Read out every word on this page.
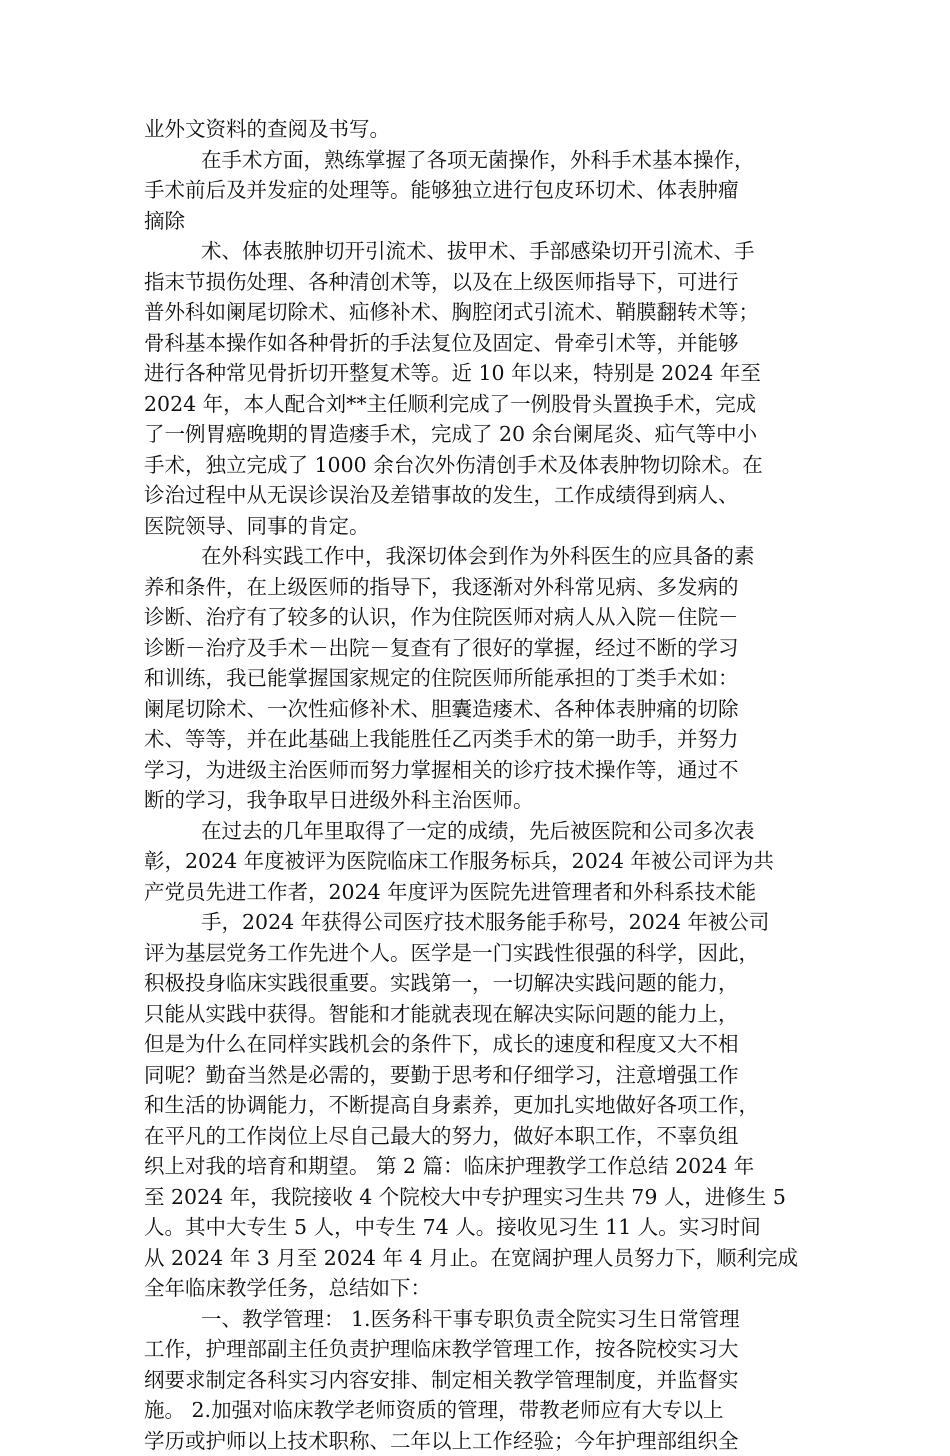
业外文资料的查阅及书写。
在手术方面，熟练掌握了各项无菌操作，外科手术基本操作，
手术前后及并发症的处理等。能够独立进行包皮环切术、体表肿瘤
摘除
术、体表脓肿切开引流术、拔甲术、手部感染切开引流术、手
指末节损伤处理、各种清创术等，以及在上级医师指导下，可进行
普外科如阑尾切除术、疝修补术、胸腔闭式引流术、鞘膜翻转术等；
骨科基本操作如各种骨折的手法复位及固定、骨牵引术等，并能够
进行各种常见骨折切开整复术等。近 10 年以来，特别是 2024 年至
2024 年，本人配合刘**主任顺利完成了一例股骨头置换手术，完成
了一例胃癌晚期的胃造瘘手术，完成了 20 余台阑尾炎、疝气等中小
手术，独立完成了 1000 余台次外伤清创手术及体表肿物切除术。在
诊治过程中从无误诊误治及差错事故的发生，工作成绩得到病人、
医院领导、同事的肯定。
在外科实践工作中，我深切体会到作为外科医生的应具备的素
养和条件，在上级医师的指导下，我逐渐对外科常见病、多发病的
诊断、治疗有了较多的认识，作为住院医师对病人从入院－住院－
诊断－治疗及手术－出院－复查有了很好的掌握，经过不断的学习
和训练，我已能掌握国家规定的住院医师所能承担的丁类手术如：
阑尾切除术、一次性疝修补术、胆囊造瘘术、各种体表肿痛的切除
术、等等，并在此基础上我能胜任乙丙类手术的第一助手，并努力
学习，为进级主治医师而努力掌握相关的诊疗技术操作等，通过不
断的学习，我争取早日进级外科主治医师。
在过去的几年里取得了一定的成绩，先后被医院和公司多次表
彰，2024 年度被评为医院临床工作服务标兵，2024 年被公司评为共
产党员先进工作者，2024 年度评为医院先进管理者和外科系技术能
手，2024 年获得公司医疗技术服务能手称号，2024 年被公司
评为基层党务工作先进个人。医学是一门实践性很强的科学，因此，
积极投身临床实践很重要。实践第一，一切解决实践问题的能力，
只能从实践中获得。智能和才能就表现在解决实际问题的能力上，
但是为什么在同样实践机会的条件下，成长的速度和程度又大不相
同呢？勤奋当然是必需的，要勤于思考和仔细学习，注意增强工作
和生活的协调能力，不断提高自身素养，更加扎实地做好各项工作，
在平凡的工作岗位上尽自己最大的努力，做好本职工作，不辜负组
织上对我的培育和期望。 第 2 篇：临床护理教学工作总结 2024 年
至 2024 年，我院接收 4 个院校大中专护理实习生共 79 人，进修生 5
人。其中大专生 5 人，中专生 74 人。接收见习生 11 人。实习时间
从 2024 年 3 月至 2024 年 4 月止。在宽阔护理人员努力下，顺利完成
全年临床教学任务，总结如下：
一、教学管理： 1.医务科干事专职负责全院实习生日常管理
工作，护理部副主任负责护理临床教学管理工作，按各院校实习大
纲要求制定各科实习内容安排、制定相关教学管理制度，并监督实
施。 2.加强对临床教学老师资质的管理，带教老师应有大专以上
学历或护师以上技术职称、二年以上工作经验；今年护理部组织全
